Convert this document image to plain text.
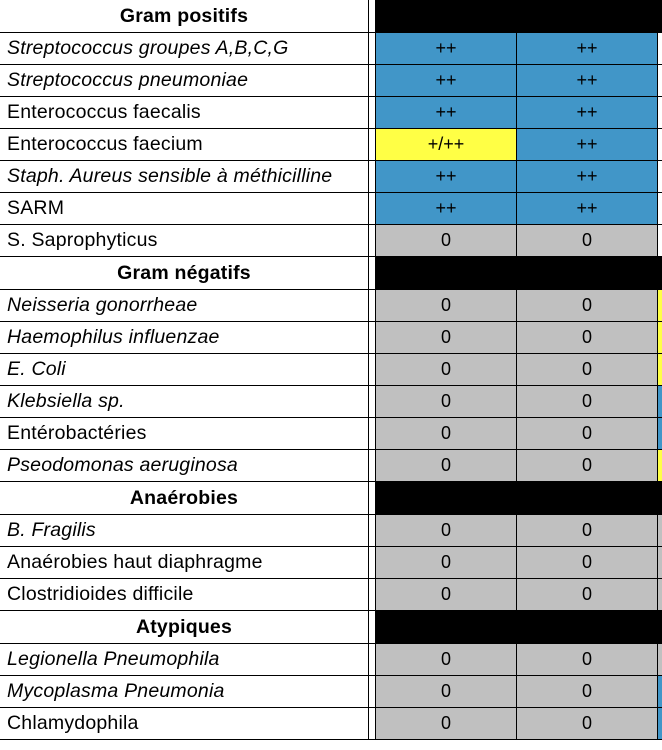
Gram positifs
Streptococcus groupes A,B,C,G	++	++
Streptococcus pneumoniae	++	++
Enterococcus faecalis	++	++
Enterococcus faecium	+/++	++
Staph. Aureus sensible à méthicilline	++	++
SARM	++	++
S. Saprophyticus	0	0
Gram négatifs
Neisseria gonorrheae	0	0
Haemophilus influenzae	0	0
E. Coli	0	0
Klebsiella sp.	0	0
Entérobactéries	0	0
Pseodomonas aeruginosa	0	0
Anaérobies
B. Fragilis	0	0
Anaérobies haut diaphragme	0	0
Clostridioides difficile	0	0
Atypiques
Legionella Pneumophila	0	0
Mycoplasma Pneumonia	0	0
Chlamydophila	0	0
